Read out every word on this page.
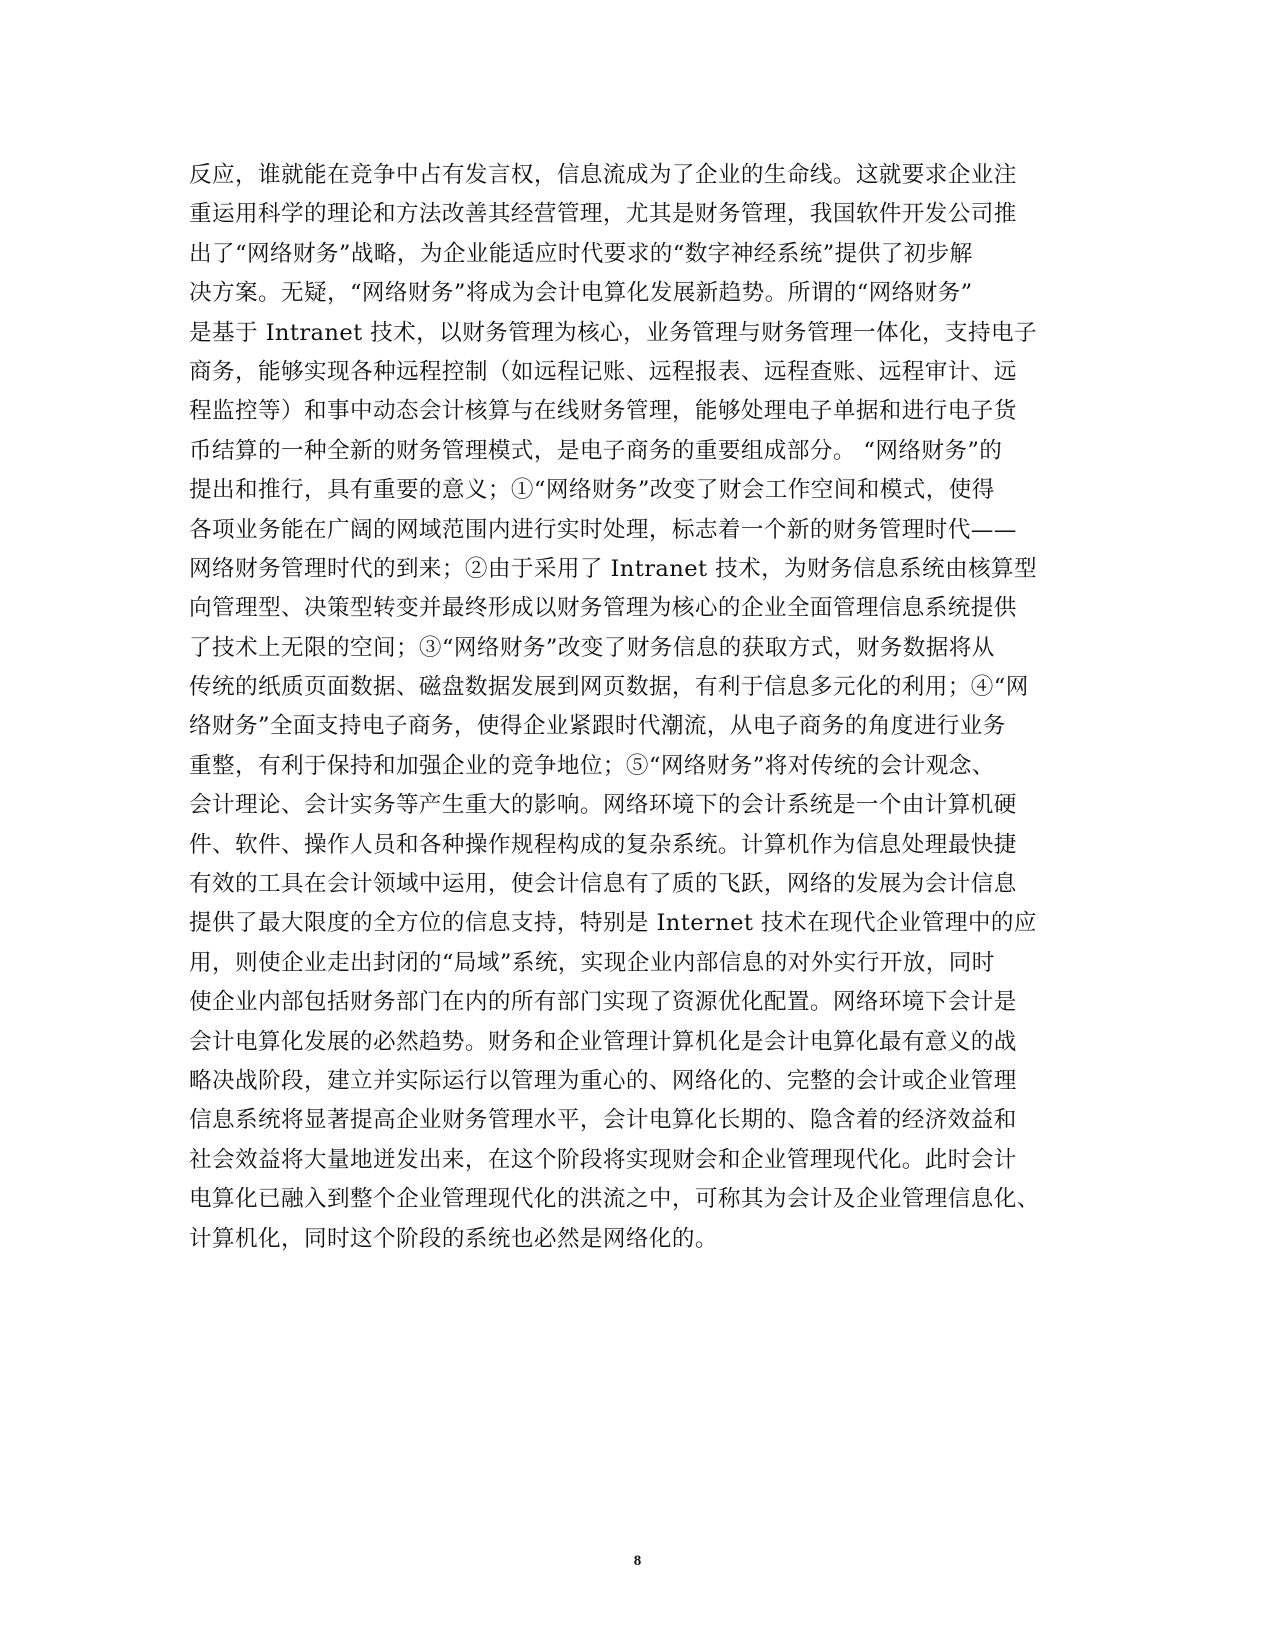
反应，谁就能在竞争中占有发言权，信息流成为了企业的生命线。这就要求企业注
重运用科学的理论和方法改善其经营管理，尤其是财务管理，我国软件开发公司推
出了“网络财务”战略，为企业能适应时代要求的“数字神经系统”提供了初步解
决方案。无疑，“网络财务”将成为会计电算化发展新趋势。所谓的“网络财务”
是基于 Intranet 技术，以财务管理为核心，业务管理与财务管理一体化，支持电子
商务，能够实现各种远程控制（如远程记账、远程报表、远程查账、远程审计、远
程监控等）和事中动态会计核算与在线财务管理，能够处理电子单据和进行电子货
币结算的一种全新的财务管理模式，是电子商务的重要组成部分。 “网络财务”的
提出和推行，具有重要的意义；①“网络财务”改变了财会工作空间和模式，使得
各项业务能在广阔的网域范围内进行实时处理，标志着一个新的财务管理时代——
网络财务管理时代的到来；②由于采用了 Intranet 技术，为财务信息系统由核算型
向管理型、决策型转变并最终形成以财务管理为核心的企业全面管理信息系统提供
了技术上无限的空间；③“网络财务”改变了财务信息的获取方式，财务数据将从
传统的纸质页面数据、磁盘数据发展到网页数据，有利于信息多元化的利用；④“网
络财务”全面支持电子商务，使得企业紧跟时代潮流，从电子商务的角度进行业务
重整，有利于保持和加强企业的竞争地位；⑤“网络财务”将对传统的会计观念、
会计理论、会计实务等产生重大的影响。网络环境下的会计系统是一个由计算机硬
件、软件、操作人员和各种操作规程构成的复杂系统。计算机作为信息处理最快捷
有效的工具在会计领域中运用，使会计信息有了质的飞跃，网络的发展为会计信息
提供了最大限度的全方位的信息支持，特别是 Internet 技术在现代企业管理中的应
用，则使企业走出封闭的“局域”系统，实现企业内部信息的对外实行开放，同时
使企业内部包括财务部门在内的所有部门实现了资源优化配置。网络环境下会计是
会计电算化发展的必然趋势。财务和企业管理计算机化是会计电算化最有意义的战
略决战阶段，建立并实际运行以管理为重心的、网络化的、完整的会计或企业管理
信息系统将显著提高企业财务管理水平，会计电算化长期的、隐含着的经济效益和
社会效益将大量地迸发出来，在这个阶段将实现财会和企业管理现代化。此时会计
电算化已融入到整个企业管理现代化的洪流之中，可称其为会计及企业管理信息化、
计算机化，同时这个阶段的系统也必然是网络化的。
8
